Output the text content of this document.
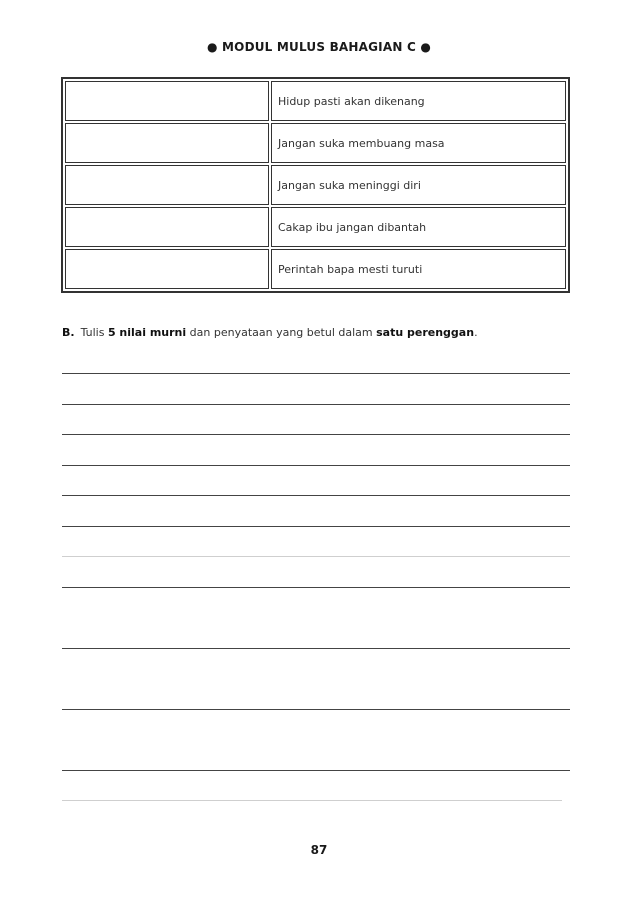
● MODUL MULUS BAHAGIAN C ●
	Hidup pasti akan dikenang
	Jangan suka membuang masa
	Jangan suka meninggi diri
	Cakap ibu jangan dibantah
	Perintah bapa mesti turuti
B. Tulis 5 nilai murni dan penyataan yang betul dalam satu perenggan.
87
